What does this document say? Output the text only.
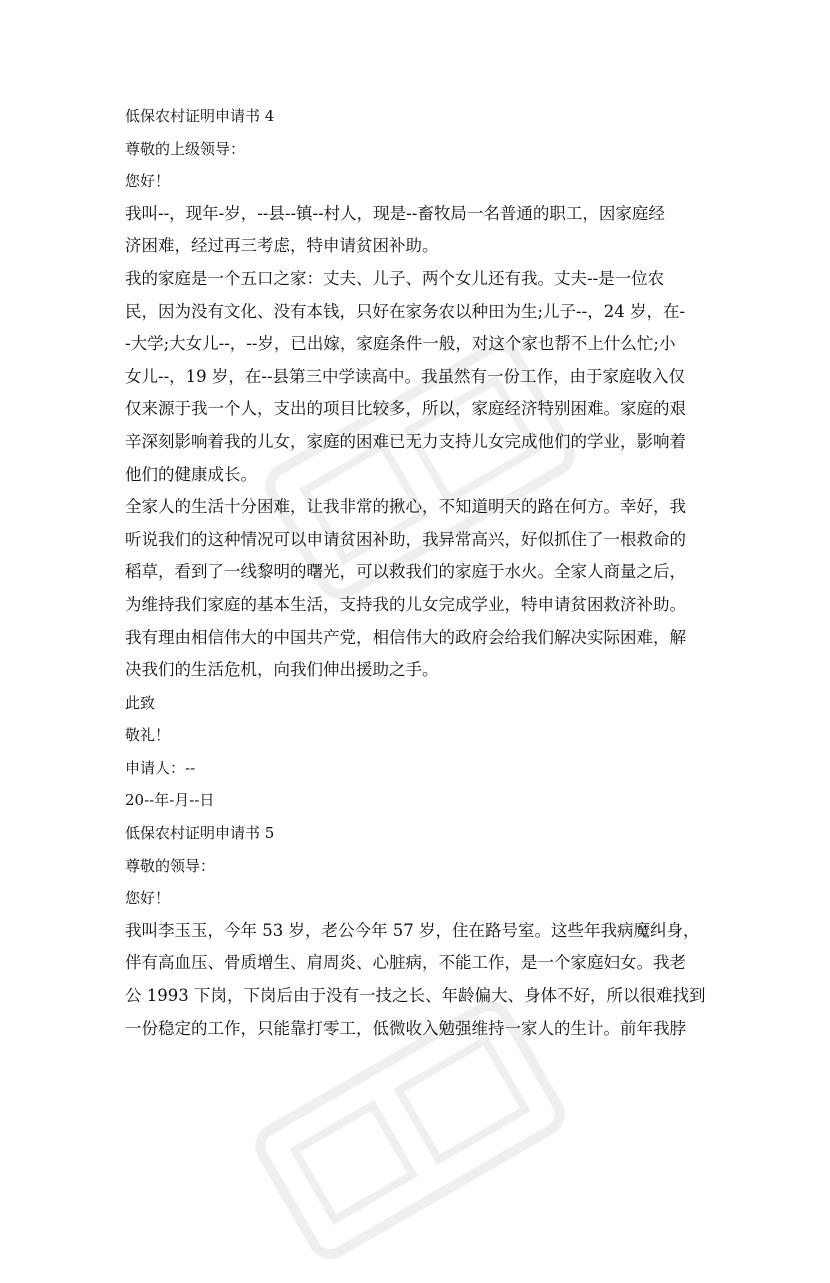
低保农村证明申请书 4
尊敬的上级领导：
您好！
我叫--，现年-岁，--县--镇--村人，现是--畜牧局一名普通的职工，因家庭经
济困难，经过再三考虑，特申请贫困补助。
我的家庭是一个五口之家：丈夫、儿子、两个女儿还有我。丈夫--是一位农
民，因为没有文化、没有本钱，只好在家务农以种田为生;儿子--，24 岁，在-
-大学;大女儿--，--岁，已出嫁，家庭条件一般，对这个家也帮不上什么忙;小
女儿--，19 岁，在--县第三中学读高中。我虽然有一份工作，由于家庭收入仅
仅来源于我一个人，支出的项目比较多，所以，家庭经济特别困难。家庭的艰
辛深刻影响着我的儿女，家庭的困难已无力支持儿女完成他们的学业，影响着
他们的健康成长。
全家人的生活十分困难，让我非常的揪心，不知道明天的路在何方。幸好，我
听说我们的这种情况可以申请贫困补助，我异常高兴，好似抓住了一根救命的
稻草，看到了一线黎明的曙光，可以救我们的家庭于水火。全家人商量之后，
为维持我们家庭的基本生活，支持我的儿女完成学业，特申请贫困救济补助。
我有理由相信伟大的中国共产党，相信伟大的政府会给我们解决实际困难，解
决我们的生活危机，向我们伸出援助之手。
此致
敬礼！
申请人：--
20--年-月--日
低保农村证明申请书 5
尊敬的领导：
您好！
我叫李玉玉，今年 53 岁，老公今年 57 岁，住在路号室。这些年我病魔纠身，
伴有高血压、骨质增生、肩周炎、心脏病，不能工作，是一个家庭妇女。我老
公 1993 下岗，下岗后由于没有一技之长、年龄偏大、身体不好，所以很难找到
一份稳定的工作，只能靠打零工，低微收入勉强维持一家人的生计。前年我脖
